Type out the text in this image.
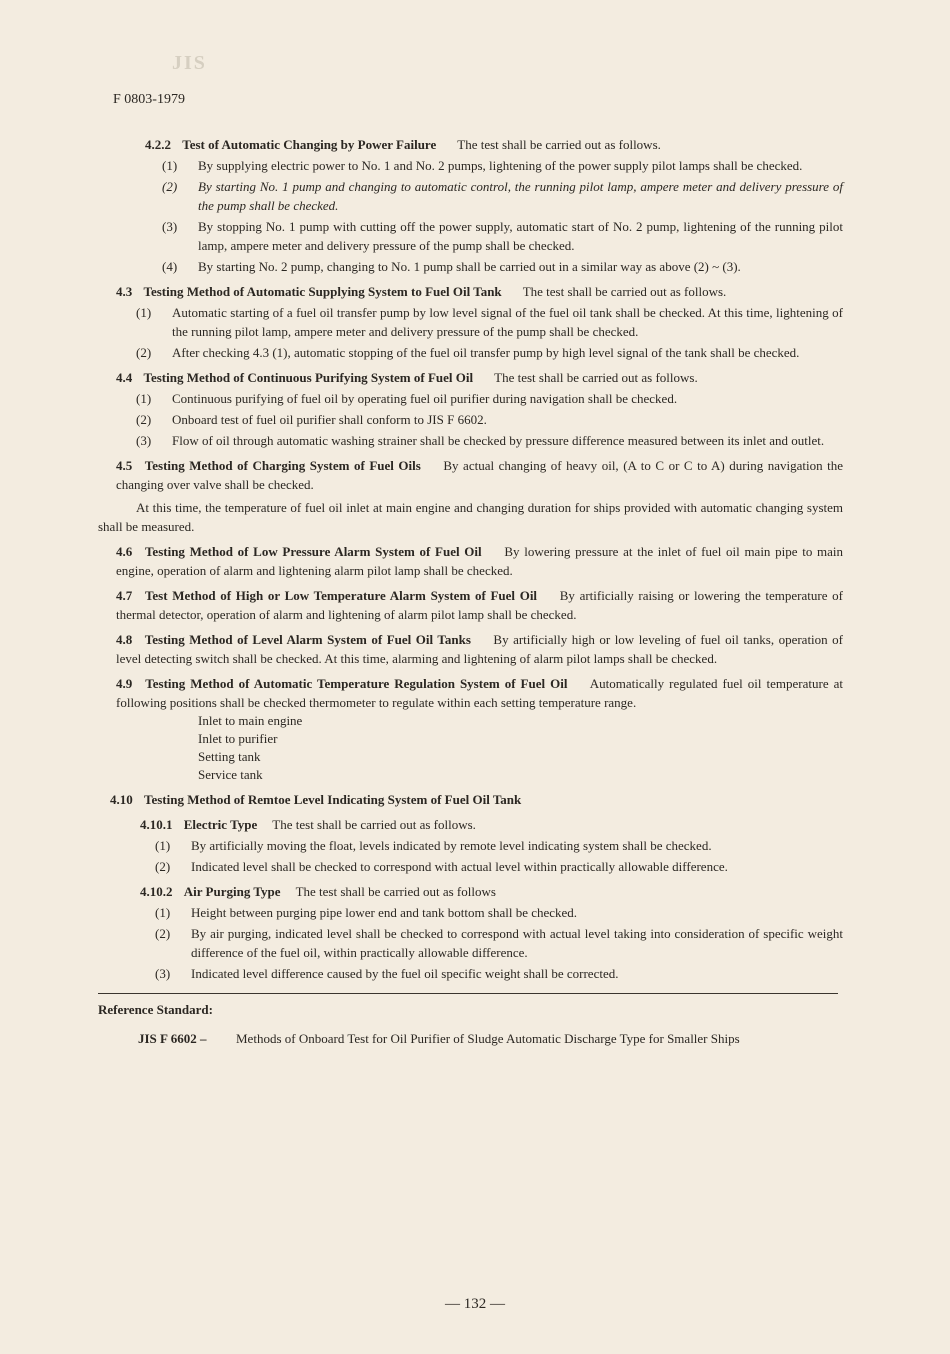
JIS
F 0803-1979

4.2.2 Test of Automatic Changing by Power Failure The test shall be carried out as follows.

(1)	By supplying electric power to No. 1 and No. 2 pumps, lightening of the power supply pilot lamps shall be checked.
(2)	By starting No. 1 pump and changing to automatic control, the running pilot lamp, ampere meter and delivery pressure of the pump shall be checked.
(3)	By stopping No. 1 pump with cutting off the power supply, automatic start of No. 2 pump, lightening of the running pilot lamp, ampere meter and delivery pressure of the pump shall be checked.
(4)	By starting No. 2 pump, changing to No. 1 pump shall be carried out in a similar way as above (2) ~ (3).

4.3 Testing Method of Automatic Supplying System to Fuel Oil Tank The test shall be carried out as follows.

(1)	Automatic starting of a fuel oil transfer pump by low level signal of the fuel oil tank shall be checked. At this time, lightening of the running pilot lamp, ampere meter and delivery pressure of the pump shall be checked.
(2)	After checking 4.3 (1), automatic stopping of the fuel oil transfer pump by high level signal of the tank shall be checked.

4.4 Testing Method of Continuous Purifying System of Fuel Oil The test shall be carried out as follows.

(1)	Continuous purifying of fuel oil by operating fuel oil purifier during navigation shall be checked.
(2)	Onboard test of fuel oil purifier shall conform to JIS F 6602.
(3)	Flow of oil through automatic washing strainer shall be checked by pressure difference measured between its inlet and outlet.

4.5 Testing Method of Charging System of Fuel Oils By actual changing of heavy oil, (A to C or C to A) during navigation the changing over valve shall be checked.

At this time, the temperature of fuel oil inlet at main engine and changing duration for ships provided with automatic changing system shall be measured.

4.6 Testing Method of Low Pressure Alarm System of Fuel Oil By lowering pressure at the inlet of fuel oil main pipe to main engine, operation of alarm and lightening alarm pilot lamp shall be checked.

4.7 Test Method of High or Low Temperature Alarm System of Fuel Oil By artificially raising or lowering the temperature of thermal detector, operation of alarm and lightening of alarm pilot lamp shall be checked.

4.8 Testing Method of Level Alarm System of Fuel Oil Tanks By artificially high or low leveling of fuel oil tanks, operation of level detecting switch shall be checked. At this time, alarming and lightening of alarm pilot lamps shall be checked.

4.9 Testing Method of Automatic Temperature Regulation System of Fuel Oil Automatically regulated fuel oil temperature at following positions shall be checked thermometer to regulate within each setting temperature range.

Inlet to main engine
Inlet to purifier
Setting tank
Service tank

4.10 Testing Method of Remtoe Level Indicating System of Fuel Oil Tank

4.10.1 Electric Type The test shall be carried out as follows.

(1)	By artificially moving the float, levels indicated by remote level indicating system shall be checked.
(2)	Indicated level shall be checked to correspond with actual level within practically allowable difference.

4.10.2 Air Purging Type The test shall be carried out as follows

(1)	Height between purging pipe lower end and tank bottom shall be checked.
(2)	By air purging, indicated level shall be checked to correspond with actual level taking into consideration of specific weight difference of the fuel oil, within practically allowable difference.
(3)	Indicated level difference caused by the fuel oil specific weight shall be corrected.
Reference Standard:
JIS F 6602 –	Methods of Onboard Test for Oil Purifier of Sludge Automatic Discharge Type for Smaller Ships
— 132 —
